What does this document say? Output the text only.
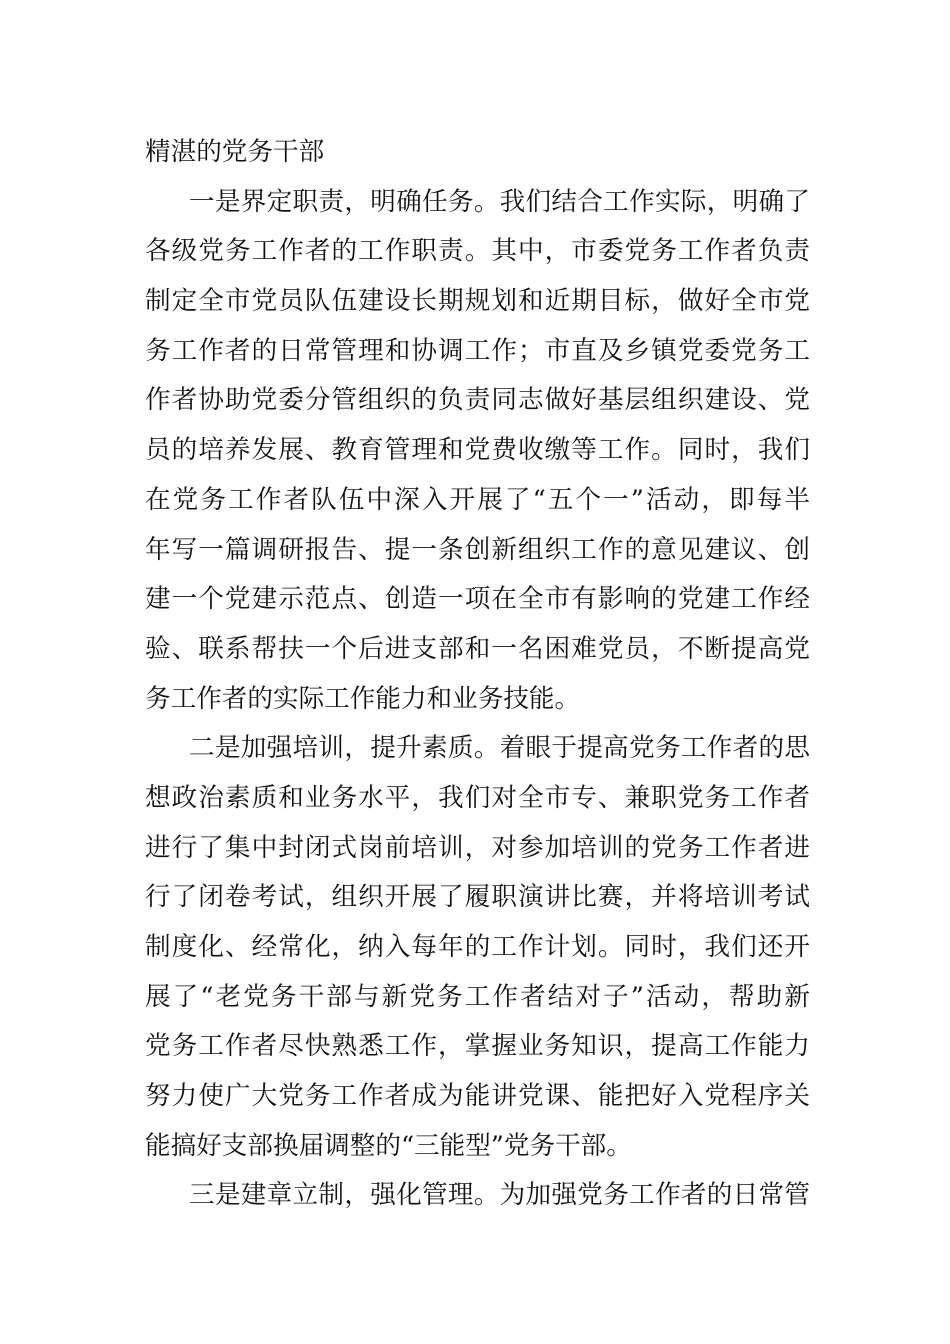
精湛的党务干部
一是界定职责，明确任务。我们结合工作实际，明确了
各级党务工作者的工作职责。其中，市委党务工作者负责
制定全市党员队伍建设长期规划和近期目标，做好全市党
务工作者的日常管理和协调工作；市直及乡镇党委党务工
作者协助党委分管组织的负责同志做好基层组织建设、党
员的培养发展、教育管理和党费收缴等工作。同时，我们
在党务工作者队伍中深入开展了“五个一”活动，即每半
年写一篇调研报告、提一条创新组织工作的意见建议、创
建一个党建示范点、创造一项在全市有影响的党建工作经
验、联系帮扶一个后进支部和一名困难党员，不断提高党
务工作者的实际工作能力和业务技能。
二是加强培训，提升素质。着眼于提高党务工作者的思
想政治素质和业务水平，我们对全市专、兼职党务工作者
进行了集中封闭式岗前培训，对参加培训的党务工作者进
行了闭卷考试，组织开展了履职演讲比赛，并将培训考试
制度化、经常化，纳入每年的工作计划。同时，我们还开
展了“老党务干部与新党务工作者结对子”活动，帮助新
党务工作者尽快熟悉工作，掌握业务知识，提高工作能力
努力使广大党务工作者成为能讲党课、能把好入党程序关
能搞好支部换届调整的“三能型”党务干部。
三是建章立制，强化管理。为加强党务工作者的日常管
